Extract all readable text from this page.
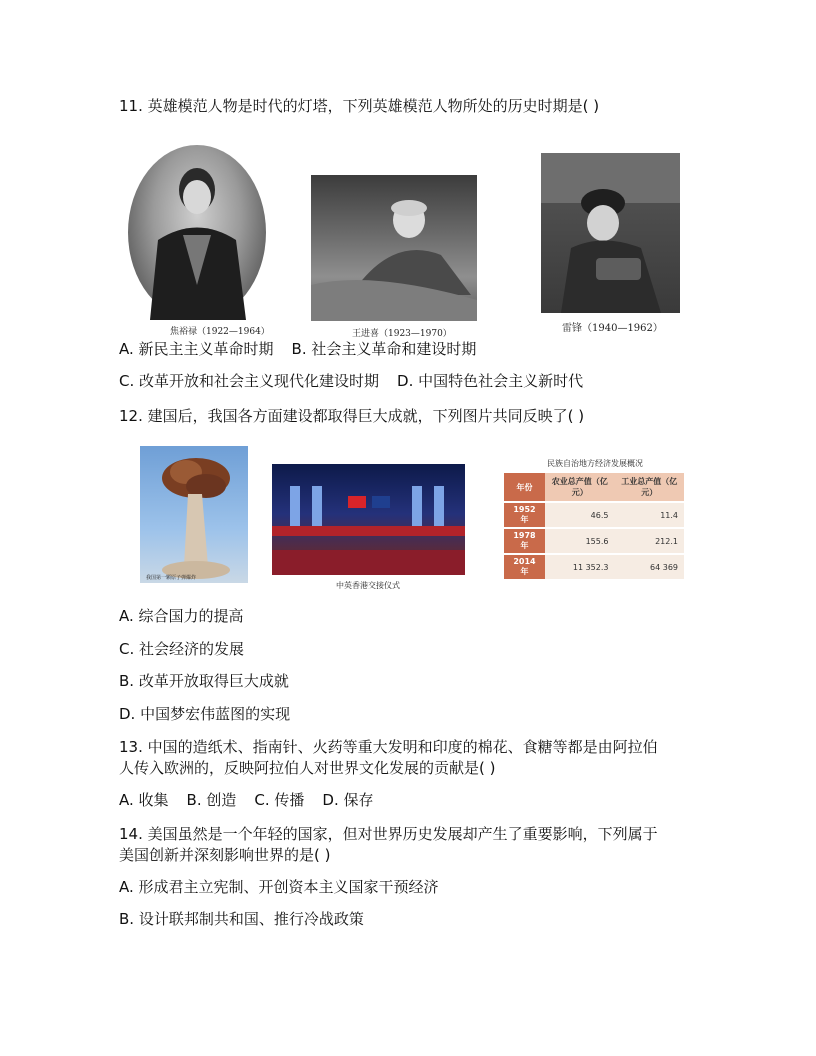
11. 英雄模范人物是时代的灯塔，下列英雄模范人物所处的历史时期是( )
焦裕禄（1922—1964）	王进喜（1923—1970）	雷锋（1940—1962）
A. 新民主主义革命时期 B. 社会主义革命和建设时期
C. 改革开放和社会主义现代化建设时期 D. 中国特色社会主义新时代
12. 建国后，我国各方面建设都取得巨大成就，下列图片共同反映了( )
我国第一颗原子弹爆炸
中英香港交接仪式
民族自治地方经济发展概况
年份	农业总产值（亿元）	工业总产值（亿元）
1952年	46.5	11.4
1978年	155.6	212.1
2014年	11 352.3	64 369
A. 综合国力的提高
C. 社会经济的发展
B. 改革开放取得巨大成就
D. 中国梦宏伟蓝图的实现
13. 中国的造纸术、指南针、火药等重大发明和印度的棉花、食糖等都是由阿拉伯
人传入欧洲的，反映阿拉伯人对世界文化发展的贡献是( )
A. 收集 B. 创造 C. 传播 D. 保存
14. 美国虽然是一个年轻的国家，但对世界历史发展却产生了重要影响，下列属于
美国创新并深刻影响世界的是( )
A. 形成君主立宪制、开创资本主义国家干预经济
B. 设计联邦制共和国、推行冷战政策
